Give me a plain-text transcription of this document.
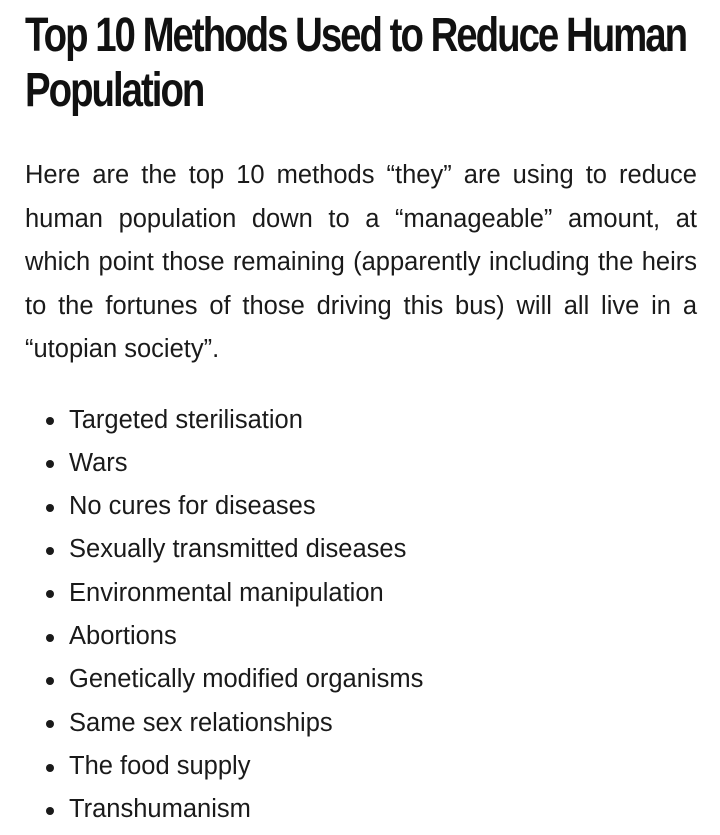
Top 10 Methods Used to Reduce Human Population

Here are the top 10 methods “they” are using to reduce human population down to a “manageable” amount, at which point those remaining (apparently including the heirs to the fortunes of those driving this bus) will all live in a “utopian society”.

Targeted sterilisation
Wars
No cures for diseases
Sexually transmitted diseases
Environmental manipulation
Abortions
Genetically modified organisms
Same sex relationships
The food supply
Transhumanism
